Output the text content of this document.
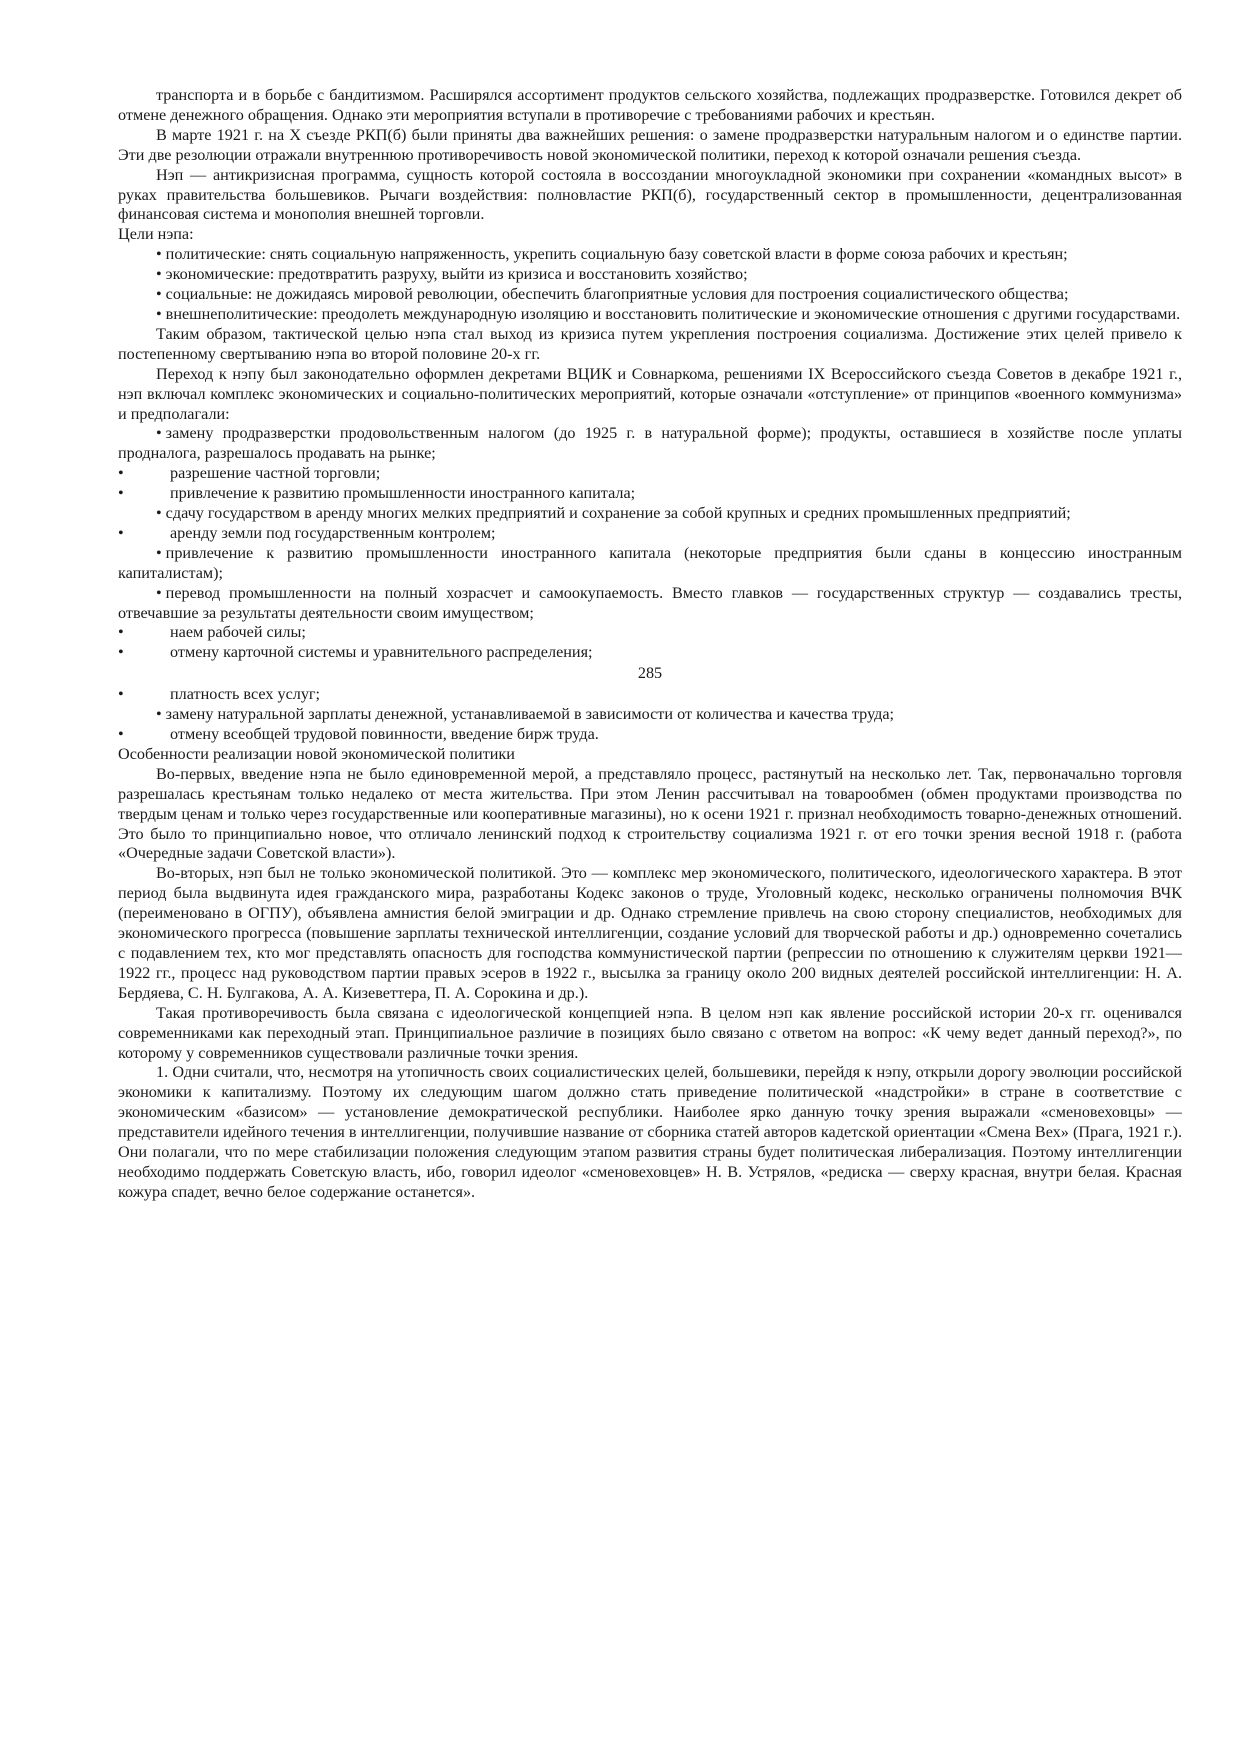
транспорта и в борьбе с бандитизмом. Расширялся ассортимент продуктов сельского хозяйства, подлежащих продразверстке. Готовился декрет об отмене денежного обращения. Однако эти мероприятия вступали в противоречие с требованиями рабочих и крестьян.

В марте 1921 г. на X съезде РКП(б) были приняты два важнейших решения: о замене продразверстки натуральным налогом и о единстве партии. Эти две резолюции отражали внутреннюю противоречивость новой экономической политики, переход к которой означали решения съезда.

Нэп — антикризисная программа, сущность которой состояла в воссоздании многоукладной экономики при сохранении «командных высот» в руках правительства большевиков. Рычаги воздействия: полновластие РКП(б), государственный сектор в промышленности, децентрализованная финансовая система и монополия внешней торговли.

Цели нэпа:

• политические: снять социальную напряженность, укрепить социальную базу советской власти в форме союза рабочих и крестьян;

• экономические: предотвратить разруху, выйти из кризиса и восстановить хозяйство;

• социальные: не дожидаясь мировой революции, обеспечить благоприятные условия для построения социалистического общества;

• внешнеполитические: преодолеть международную изоляцию и восстановить политические и экономические отношения с другими государствами.

Таким образом, тактической целью нэпа стал выход из кризиса путем укрепления построения социализма. Достижение этих целей привело к постепенному свертыванию нэпа во второй половине 20-х гг.

Переход к нэпу был законодательно оформлен декретами ВЦИК и Совнаркома, решениями IX Всероссийского съезда Советов в декабре 1921 г., нэп включал комплекс экономических и социально-политических мероприятий, которые означали «отступление» от принципов «военного коммунизма» и предполагали:

• замену продразверстки продовольственным налогом (до 1925 г. в натуральной форме); продукты, оставшиеся в хозяйстве после уплаты продналога, разрешалось продавать на рынке;

•	разрешение частной торговли;

•	привлечение к развитию промышленности иностранного капитала;

• сдачу государством в аренду многих мелких предприятий и сохранение за собой крупных и средних промышленных предприятий;

•	аренду земли под государственным контролем;

• привлечение к развитию промышленности иностранного капитала (некоторые предприятия были сданы в концессию иностранным капиталистам);

• перевод промышленности на полный хозрасчет и самоокупаемость. Вместо главков — государственных структур — создавались тресты, отвечавшие за результаты деятельности своим имуществом;

•	наем рабочей силы;

•	отмену карточной системы и уравнительного распределения;

285

•	платность всех услуг;

• замену натуральной зарплаты денежной, устанавливаемой в зависимости от количества и качества труда;

•	отмену всеобщей трудовой повинности, введение бирж труда.

Особенности реализации новой экономической политики

Во-первых, введение нэпа не было единовременной мерой, а представляло процесс, растянутый на несколько лет. Так, первоначально торговля разрешалась крестьянам только недалеко от места жительства. При этом Ленин рассчитывал на товарообмен (обмен продуктами производства по твердым ценам и только через государственные или кооперативные магазины), но к осени 1921 г. признал необходимость товарно-денежных отношений. Это было то принципиально новое, что отличало ленинский подход к строительству социализма 1921 г. от его точки зрения весной 1918 г. (работа «Очередные задачи Советской власти»).

Во-вторых, нэп был не только экономической политикой. Это — комплекс мер экономического, политического, идеологического характера. В этот период была выдвинута идея гражданского мира, разработаны Кодекс законов о труде, Уголовный кодекс, несколько ограничены полномочия ВЧК (переименовано в ОГПУ), объявлена амнистия белой эмиграции и др. Однако стремление привлечь на свою сторону специалистов, необходимых для экономического прогресса (повышение зарплаты технической интеллигенции, создание условий для творческой работы и др.) одновременно сочетались с подавлением тех, кто мог представлять опасность для господства коммунистической партии (репрессии по отношению к служителям церкви 1921—1922 гг., процесс над руководством партии правых эсеров в 1922 г., высылка за границу около 200 видных деятелей российской интеллигенции: Н. А. Бердяева, С. Н. Булгакова, А. А. Кизеветтера, П. А. Сорокина и др.).

Такая противоречивость была связана с идеологической концепцией нэпа. В целом нэп как явление российской истории 20-х гг. оценивался современниками как переходный этап. Принципиальное различие в позициях было связано с ответом на вопрос: «К чему ведет данный переход?», по которому у современников существовали различные точки зрения.

1. Одни считали, что, несмотря на утопичность своих социалистических целей, большевики, перейдя к нэпу, открыли дорогу эволюции российской экономики к капитализму. Поэтому их следующим шагом должно стать приведение политической «надстройки» в стране в соответствие с экономическим «базисом» — установление демократической республики. Наиболее ярко данную точку зрения выражали «сменовеховцы» — представители идейного течения в интеллигенции, получившие название от сборника статей авторов кадетской ориентации «Смена Вех» (Прага, 1921 г.). Они полагали, что по мере стабилизации положения следующим этапом развития страны будет политическая либерализация. Поэтому интеллигенции необходимо поддержать Советскую власть, ибо, говорил идеолог «сменовеховцев» Н. В. Устрялов, «редиска — сверху красная, внутри белая. Красная кожура спадет, вечно белое содержание останется».
